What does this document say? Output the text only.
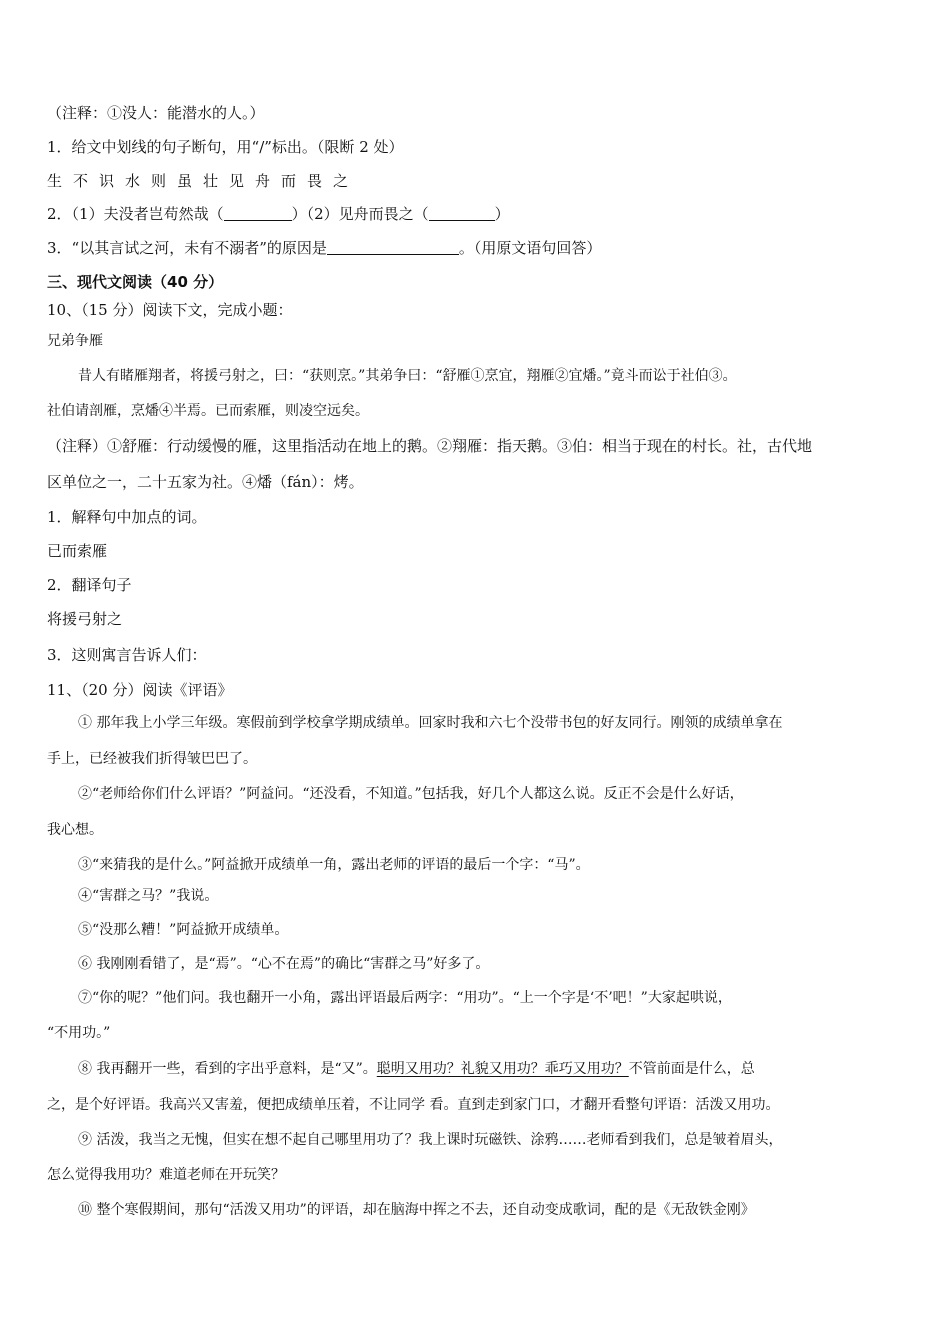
（注释：①没人：能潜水的人。）
1．给文中划线的句子断句，用“/”标出。（限断 2 处）
生不识水则虽壮见舟而畏之
2．（1）夫没者岂苟然哉（	）（2）见舟而畏之（	）
3．“以其言试之河，未有不溺者”的原因是	。（用原文语句回答）
三、现代文阅读（40 分）
10、（15 分）阅读下文，完成小题：
兄弟争雁
昔人有睹雁翔者，将援弓射之，曰：“获则烹。”其弟争曰：“舒雁①烹宜，翔雁②宜燔。”竟斗而讼于社伯③。
社伯请剖雁，烹燔④半焉。已而索雁，则凌空远矣。
（注释）①舒雁：行动缓慢的雁，这里指活动在地上的鹅。②翔雁：指天鹅。③伯：相当于现在的村长。社，古代地
区单位之一，二十五家为社。④燔（fán）：烤。
1．解释句中加点的词。
已而索雁
2．翻译句子
将援弓射之
3．这则寓言告诉人们：
11、（20 分）阅读《评语》
① 那年我上小学三年级。寒假前到学校拿学期成绩单。回家时我和六七个没带书包的好友同行。刚领的成绩单拿在
手上，已经被我们折得皱巴巴了。
②“老师给你们什么评语？”阿益问。“还没看，不知道。”包括我，好几个人都这么说。反正不会是什么好话，
我心想。
③“来猜我的是什么。”阿益掀开成绩单一角，露出老师的评语的最后一个字：“马”。
④“害群之马？”我说。
⑤“没那么糟！”阿益掀开成绩单。
⑥ 我刚刚看错了，是“焉”。“心不在焉”的确比“害群之马”好多了。
⑦“你的呢？”他们问。我也翻开一小角，露出评语最后两字：“用功”。“上一个字是‘不’吧！”大家起哄说，
“不用功。”
⑧ 我再翻开一些，看到的字出乎意料，是“又”。聪明又用功？礼貌又用功？乖巧又用功？不管前面是什么，总
之，是个好评语。我高兴又害羞，便把成绩单压着，不让同学 看。直到走到家门口，才翻开看整句评语：活泼又用功。
⑨ 活泼，我当之无愧，但实在想不起自己哪里用功了？我上课时玩磁铁、涂鸦……老师看到我们，总是皱着眉头，
怎么觉得我用功？难道老师在开玩笑？
⑩ 整个寒假期间，那句“活泼又用功”的评语，却在脑海中挥之不去，还自动变成歌词，配的是《无敌铁金刚》
